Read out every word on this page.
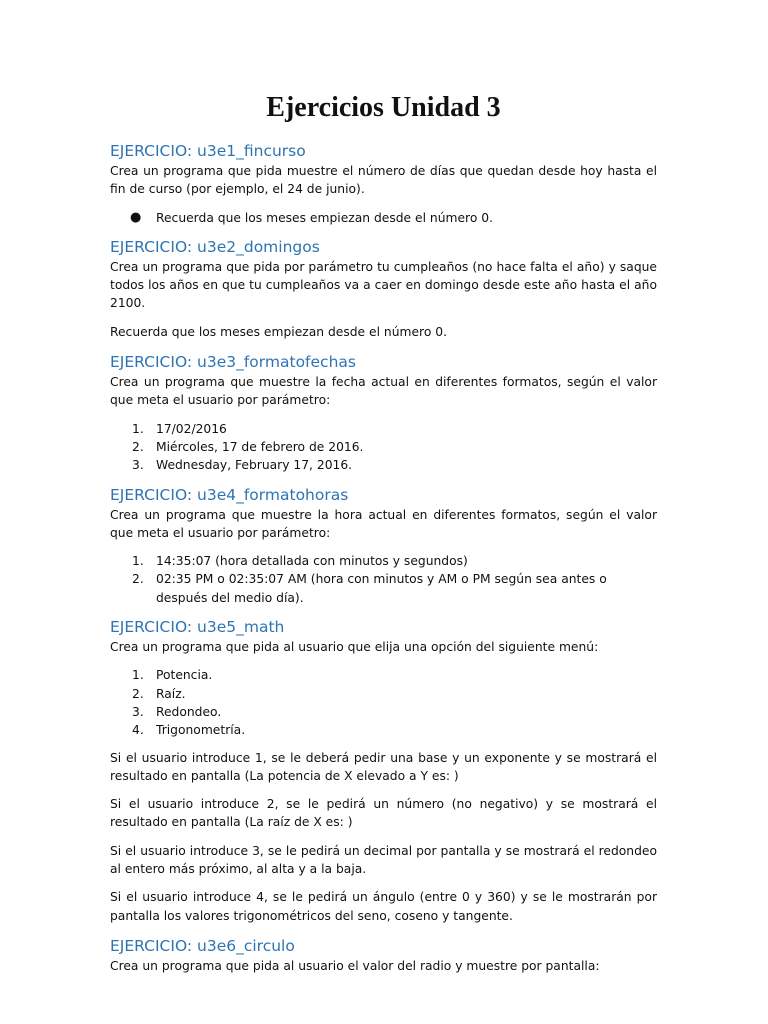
Ejercicios Unidad 3
EJERCICIO: u3e1_fincurso

Crea un programa que pida muestre el número de días que quedan desde hoy hasta el fin de curso (por ejemplo, el 24 de junio).

●	Recuerda que los meses empiezan desde el número 0.
EJERCICIO: u3e2_domingos

Crea un programa que pida por parámetro tu cumpleaños (no hace falta el año) y saque todos los años en que tu cumpleaños va a caer en domingo desde este año hasta el año 2100.

Recuerda que los meses empiezan desde el número 0.

EJERCICIO: u3e3_formatofechas

Crea un programa que muestre la fecha actual en diferentes formatos, según el valor que meta el usuario por parámetro:

1. 17/02/2016
2. Miércoles, 17 de febrero de 2016.
3. Wednesday, February 17, 2016.
EJERCICIO: u3e4_formatohoras

Crea un programa que muestre la hora actual en diferentes formatos, según el valor que meta el usuario por parámetro:

1. 14:35:07 (hora detallada con minutos y segundos)
2. 02:35 PM o 02:35:07 AM (hora con minutos y AM o PM según sea antes o después del medio día).
EJERCICIO: u3e5_math

Crea un programa que pida al usuario que elija una opción del siguiente menú:

1. Potencia.
2. Raíz.
3. Redondeo.
4. Trigonometría.

Si el usuario introduce 1, se le deberá pedir una base y un exponente y se mostrará el resultado en pantalla (La potencia de X elevado a Y es: )

Si el usuario introduce 2, se le pedirá un número (no negativo) y se mostrará el resultado en pantalla (La raíz de X es: )

Si el usuario introduce 3, se le pedirá un decimal por pantalla y se mostrará el redondeo al entero más próximo, al alta y a la baja.

Si el usuario introduce 4, se le pedirá un ángulo (entre 0 y 360) y se le mostrarán por pantalla los valores trigonométricos del seno, coseno y tangente.

EJERCICIO: u3e6_circulo

Crea un programa que pida al usuario el valor del radio y muestre por pantalla:
